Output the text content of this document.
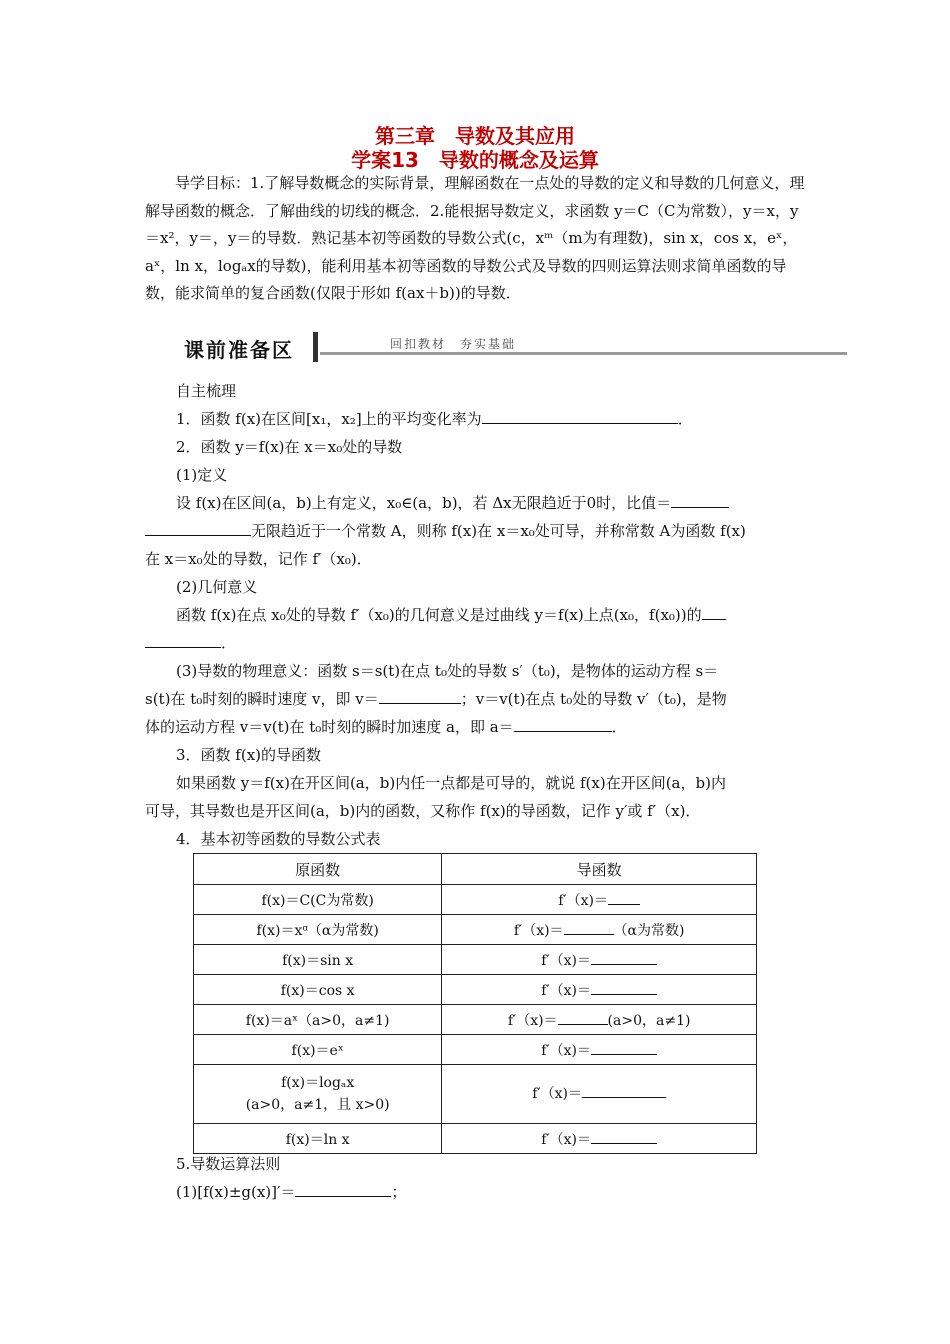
第三章　导数及其应用
学案13　导数的概念及运算
导学目标：1.了解导数概念的实际背景，理解函数在一点处的导数的定义和导数的几何意义，理解导函数的概念．了解曲线的切线的概念．2.能根据导数定义，求函数 y＝C（C为常数），y＝x，y＝x²，y＝，y＝的导数．熟记基本初等函数的导数公式(c，xᵐ（m为有理数)，sin x，cos x，eˣ，aˣ，ln x，logₐx的导数)，能利用基本初等函数的导数公式及导数的四则运算法则求简单函数的导数，能求简单的复合函数(仅限于形如 f(ax＋b))的导数．
课前准备区	回扣教材　夯实基础
自主梳理
1．函数 f(x)在区间[x₁，x₂]上的平均变化率为	．
2．函数 y＝f(x)在 x＝x₀处的导数
(1)定义
设 f(x)在区间(a，b)上有定义，x₀∈(a，b)，若 Δx无限趋近于0时，比值＝
无限趋近于一个常数 A，则称 f(x)在 x＝x₀处可导，并称常数 A为函数 f(x)
在 x＝x₀处的导数，记作 f′（x₀)．
(2)几何意义
函数 f(x)在点 x₀处的导数 f′（x₀)的几何意义是过曲线 y＝f(x)上点(x₀，f(x₀))的
．
(3)导数的物理意义：函数 s＝s(t)在点 t₀处的导数 s′（t₀)，是物体的运动方程 s＝
s(t)在 t₀时刻的瞬时速度 v，即 v＝	；v＝v(t)在点 t₀处的导数 v′（t₀)，是物
体的运动方程 v＝v(t)在 t₀时刻的瞬时加速度 a，即 a＝	．
3．函数 f(x)的导函数
如果函数 y＝f(x)在开区间(a，b)内任一点都是可导的，就说 f(x)在开区间(a，b)内
可导，其导数也是开区间(a，b)内的函数，又称作 f(x)的导函数，记作 y′或 f′（x)．
4．基本初等函数的导数公式表
原函数	导函数
f(x)＝C(C为常数)	f′（x)＝
f(x)＝xᵅ（α为常数)	f′（x)＝ （α为常数)
f(x)＝sin x	f′（x)＝
f(x)＝cos x	f′（x)＝
f(x)＝aˣ（a>0，a≠1)	f′（x)＝ (a>0，a≠1)
f(x)＝eˣ	f′（x)＝

f(x)＝logₐx
(a>0，a≠1，且 x>0)	f′（x)＝
f(x)＝ln x	f′（x)＝
5.导数运算法则
(1)[f(x)±g(x)]′＝	；
